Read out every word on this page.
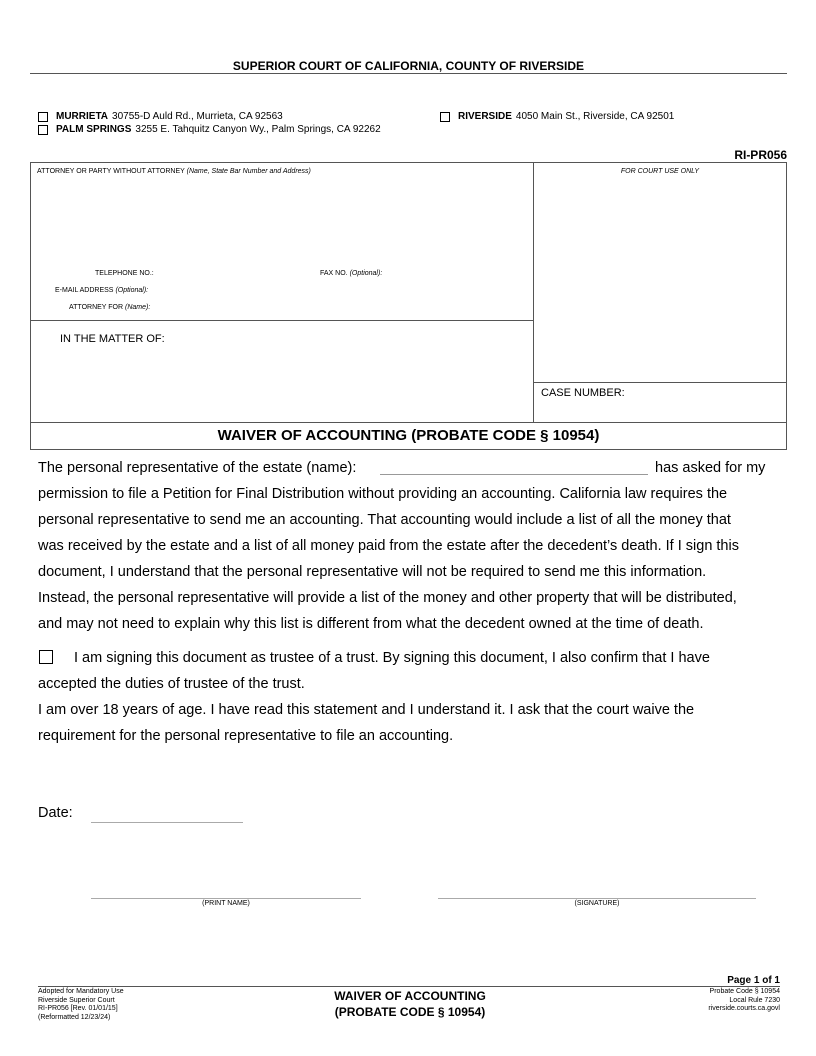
SUPERIOR COURT OF CALIFORNIA, COUNTY OF RIVERSIDE
MURRIETA 30755-D Auld Rd., Murrieta, CA 92563
PALM SPRINGS 3255 E. Tahquitz Canyon Wy., Palm Springs, CA 92262
RIVERSIDE 4050 Main St., Riverside, CA 92501
RI-PR056
ATTORNEY OR PARTY WITHOUT ATTORNEY (Name, State Bar Number and Address)	FOR COURT USE ONLY
TELEPHONE NO.:	FAX NO. (Optional):
E-MAIL ADDRESS (Optional):
ATTORNEY FOR (Name):
IN THE MATTER OF:
CASE NUMBER:
WAIVER OF ACCOUNTING (PROBATE CODE § 10954)
The personal representative of the estate (name):	has asked for my
permission to file a Petition for Final Distribution without providing an accounting. California law requires the
personal representative to send me an accounting. That accounting would include a list of all the money that
was received by the estate and a list of all money paid from the estate after the decedent’s death. If I sign this
document, I understand that the personal representative will not be required to send me this information.
Instead, the personal representative will provide a list of the money and other property that will be distributed,
and may not need to explain why this list is different from what the decedent owned at the time of death.
I am signing this document as trustee of a trust. By signing this document, I also confirm that I have
accepted the duties of trustee of the trust.
I am over 18 years of age. I have read this statement and I understand it. I ask that the court waive the
requirement for the personal representative to file an accounting.
Date:
(PRINT NAME)	(SIGNATURE)
Page 1 of 1
Adopted for Mandatory Use
Riverside Superior Court
RI-PR056 [Rev. 01/01/15]
(Reformatted 12/23/24)
WAIVER OF ACCOUNTING
(PROBATE CODE § 10954)
Probate Code § 10954
Local Rule 7230
riverside.courts.ca.govl
